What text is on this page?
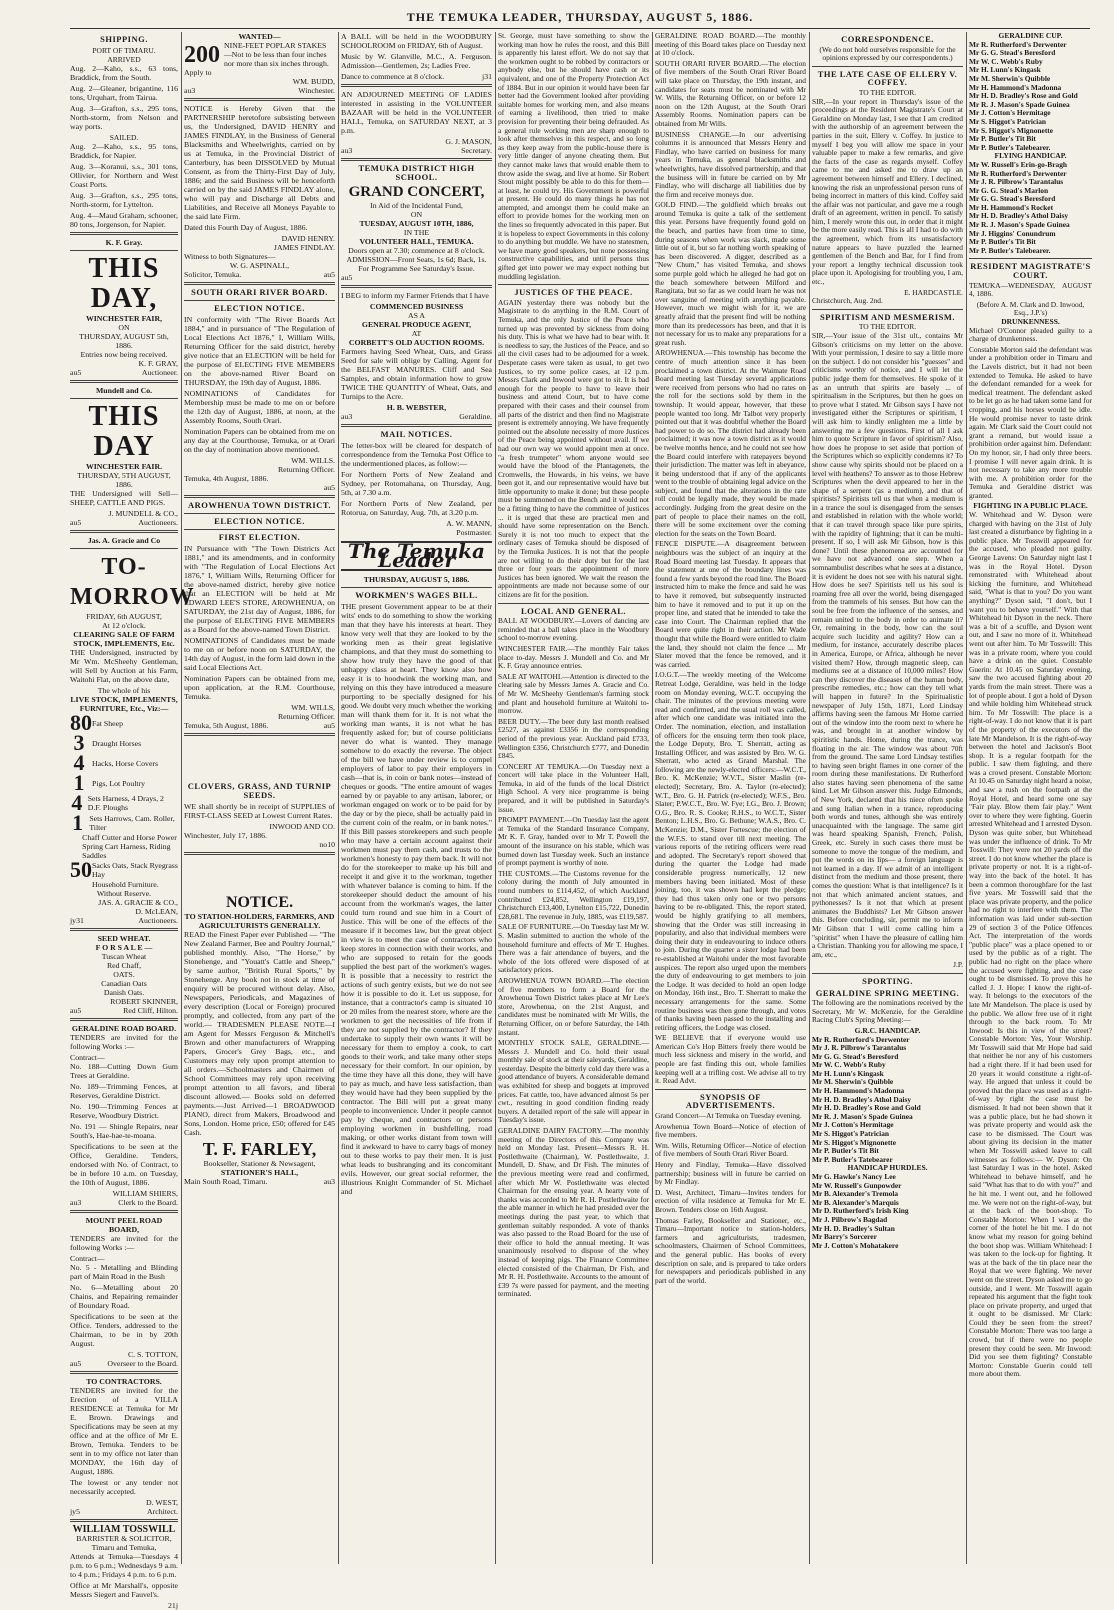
THE TEMUKA LEADER, THURSDAY, AUGUST 5, 1886.
SHIPPING.
PORT OF TIMARU.
ARRIVED
Aug. 2—Kaho, s.s., 63 tons, Braddick, from the South.
Aug. 2—Gleaner, brigantine, 116 tons, Urquhart, from Tairua.
Aug. 3—Grafton, s.s., 295 tons, North-storm, from Nelson and way ports.
SAILED.
Aug. 2—Kaho, s.s., 95 tons, Braddick, for Napier.
Aug. 3—Koranui, s.s., 301 tons, Ollivier, for Northern and West Coast Ports.
Aug. 3—Grafton, s.s., 295 tons, North-storm, for Lyttelton.
Aug. 4—Maud Graham, schooner, 80 tons, Jorgenson, for Napier.
K. F. Gray.
THIS DAY,
WINCHESTER FAIR,
ON
THURSDAY, AUGUST 5th, 1886.
Entries now being received.
K. F. GRAY,
au5	Auctioneer.
Mundell and Co.
THIS DAY
WINCHESTER FAIR.
THURSDAY, 5TH AUGUST, 1886.
THE Undersigned will Sell— SHEEP, CATTLE AND PIGS.
J. MUNDELL & CO.,
au5	Auctioneers.
Jas. A. Gracie and Co
TO-MORROW
FRIDAY, 6th AUGUST,
At 12 o'clock.
CLEARING SALE OF FARM STOCK, IMPLEMENTS, Etc.
THE Undersigned, instructed by Mr Wm. McSheehy Gentleman, will Sell by Auction at his Farm, Waitohi Flat, on the above date,
The whole of his
LIVE STOCK, IMPLEMENTS, FURNITURE, Etc., Viz:—
80 Fat Sheep
3 Draught Horses
4 Hacks, Horse Covers
1 Pigs, Lot Poultry
4 Sets Harness, 4 Drays, 2 D.F. Ploughs
1 Sets Harrows, Cam. Roller, Tilter
Chaff Cutter and Horse Power Spring Cart Harness, Riding Saddles
50 Sacks Oats, Stack Ryegrass Hay
Household Furniture.
Without Reserve.
JAS. A. GRACIE & CO.,
D. McLEAN,
jy31	Auctioneers.
SEED WHEAT.
F O R S A L E —
Tuscan Wheat
Red Chaff,
OATS.
Canadian Oats
Danish Oats.
ROBERT SKINNER,
au5	Red Cliff, Hilton.
GERALDINE ROAD BOARD.
TENDERS are invited for the following Works :—
Contract—
No. 188—Cutting Down Gum Trees at Geraldine.
No. 189—Trimming Fences, at Reserves, Geraldine District.
No. 190—Trimming Fences at Reserve, Woodbury District.
No. 191 — Shingle Repairs, near South's, Hae-hae-te-moana.
Specifications to be seen at the Office, Geraldine. Tenders, endorsed with No. of Contract, to be in before 10 a.m. on Tuesday, the 10th of August, 1886.
WILLIAM SHIERS,
au3	Clerk to the Board.
MOUNT PEEL ROAD BOARD,
TENDERS are invited for the following Works :—
Contract—
No. 5 - Metalling and Blinding part of Main Road in the Bush
No. 6—Metalling about 20 Chains, and Repairing remainder of Boundary Road.
Specifications to be seen at the Office. Tenders, addressed to the Chairman, to be in by 20th August.
C. S. TOTTON,
au5	Overseer to the Board.
TO CONTRACTORS.
TENDERS are invited for the Erection of a VILLA RESIDENCE at Temuka for Mr E. Brown. Drawings and Specifications may be seen at my office and at the office of Mr E. Brown, Temuka. Tenders to be sent in to my office not later than MONDAY, the 16th day of August, 1886.
The lowest or any tender not necessarily accepted.
D. WEST,
jy5	Architect.
WILLIAM TOSSWILL
BARRISTER & SOLICITOR,
Timaru and Temuka,
Attends at Temuka—Tuesdays 4 p.m. to 6 p.m.; Wednesdays 9 a.m. to 4 p.m.; Fridays 4 p.m. to 6 p.m.
Office at Mr Marshall's, opposite Messrs Siegert and Fauvel's.
21j
WANTED—
200 NINE-FEET POPLAR STAKES —Not to be less than four inches nor more than six inches through.
Apply to
WM. BUDD,
au3	Winchester.
NOTICE is Hereby Given that the PARTNERSHIP heretofore subsisting between us, the Undersigned, DAVID HENRY and JAMES FINDLAY, in the Business of General Blacksmiths and Wheelwrights, carried on by us at Temuka, in the Provincial District of Canterbury, has been DISSOLVED by Mutual Consent, as from the Thirty-First Day of July, 1886; and the said Business will be henceforth carried on by the said JAMES FINDLAY alone, who will pay and Discharge all Debts and Liabilities, and Receive all Moneys Payable to the said late Firm.
Dated this Fourth Day of August, 1886.
DAVID HENRY.
JAMES FINDLAY.
Witness to both Signatures—
W. G. ASPINALL,
Solicitor, Temuka.	au5
SOUTH ORARI RIVER BOARD.
ELECTION NOTICE.
IN conformity with "The River Boards Act 1884," and in pursuance of "The Regulation of Local Elections Act 1876," I, William Wills, Returning Officer for the said district, hereby give notice that an ELECTION will be held for the purpose of ELECTING FIVE MEMBERS on the above-named River Board on THURSDAY, the 19th day of August, 1886.
NOMINATIONS of Candidates for Membership must be made to me on or before the 12th day of August, 1886, at noon, at the Assembly Rooms, South Orari.
Nomination Papers can be obtained from me on any day at the Courthouse, Temuka, or at Orari on the day of nomination above mentioned.
WM. WILLS.
Returning Officer.
Temuka, 4th August, 1886.
au5
AROWHENUA TOWN DISTRICT.
ELECTION NOTICE.
FIRST ELECTION.
IN Pursuance with "The Town Districts Act 1881," and its amendments, and in conformity with "The Regulation of Local Elections Act 1876," I, William Wills, Returning Officer for the above-named district, hereby give notice that an ELECTION will be held at Mr EDWARD LEE'S STORE, AROWHENUA, on SATURDAY, the 21st day of August, 1886, for the purpose of ELECTING FIVE MEMBERS as a Board for the above-named Town District.
NOMINATIONS of Candidates must be made to me on or before noon on SATURDAY, the 14th day of August, in the form laid down in the said Local Elections Act.
Nomination Papers can be obtained from me, upon application, at the R.M. Courthouse, Temuka.
WM. WILLS,
Returning Officer.
Temuka, 5th August, 1886.	au5
CLOVERS, GRASS, AND TURNIP SEEDS.
WE shall shortly be in receipt of SUPPLIES of FIRST-CLASS SEED at Lowest Current Rates.
INWOOD AND CO.
Winchester, July 17, 1886.
no10
NOTICE.
TO STATION-HOLDERS, FARMERS, AND AGRICULTURISTS GENERALLY.
READ the Finest Paper ever Published — "The New Zealand Farmer, Bee and Poultry Journal," published monthly. Also, "The Horse," by Stonehenge, and "Youatt's Cattle and Sheep," by same author, "British Rural Sports," by Stonehenge. Any book not in stock at time of enquiry will be procured without delay. Also, Newspapers, Periodicals, and Magazines of every description (Local or Foreign) procured promptly, and collected, from any part of the world.— TRADESMEN PLEASE NOTE—I am Agent for Messrs Ferguson & Mitchell's Brown and other manufacturers of Wrapping Papers, Grocer's Grey Bags, etc., and Customers may rely upon prompt attention to all orders.—Schoolmasters and Chairmen of School Committees may rely upon receiving prompt attention to all favors, and liberal discount allowed.— Books sold on deferred payments.—Just Arrived—1 BROADWOOD PIANO, direct from Makers, Broadwood and Sons, London. Home price, £50; offered for £45 Cash.
T. F. FARLEY,
Bookseller, Stationer & Newsagent,
STATIONER'S HALL,
Main South Road, Timaru.	au3
A BALL will be held in the WOODBURY SCHOOLROOM on FRIDAY, 6th of August.
Music by W. Glanville, M.C., A. Ferguson. Admission—Gentlemen, 2s; Ladies Free.
Dance to commence at 8 o'clock.	j31
AN ADJOURNED MEETING OF LADIES interested in assisting in the VOLUNTEER BAZAAR will be held in the VOLUNTEER HALL, Temuka, on SATURDAY NEXT, at 3 p.m.
G. J. MASON,
au3	Secretary.
TEMUKA DISTRICT HIGH SCHOOL.
GRAND CONCERT,
In Aid of the Incidental Fund,
ON
TUESDAY, AUGUST 10TH, 1886,
IN THE
VOLUNTEER HALL, TEMUKA.
Doors open at 7.30; commence at 8 o'clock.
ADMISSION—Front Seats, 1s 6d; Back, 1s.
For Programme See Saturday's Issue.
au5
I BEG to inform my Farmer Friends that I have
COMMENCED BUSINESS
AS A
GENERAL PRODUCE AGENT,
AT
CORBETT'S OLD AUCTION ROOMS.
Farmers having Seed Wheat, Oats, and Grass Seed for sale will oblige by Calling. Agent for the BELFAST MANURES. Cliff and Sea Samples, and obtain information how to grow TWICE THE QUANTITY of Wheat, Oats, and Turnips to the Acre.
H. B. WEBSTER,
au3	Geraldine.
MAIL NOTICES.
The letter-box will be cleared for despatch of correspondence from the Temuka Post Office to the undermentioned places, as follow:—
For Northern Ports of New Zealand and Sydney, per Rotomahana, on Thursday, Aug. 5th, at 7.30 a.m.
For Northern Ports of New Zealand, per Rotorua, on Saturday, Aug. 7th, at 3.20 p.m.
A. W. MANN,
Postmaster.
The Temuka Leader
THURSDAY, AUGUST 5, 1886.
WORKMEN'S WAGES BILL.
THE present Government appear to be at their wits' ends to do something to show the working man that they have his interests at heart. They know very well that they are looked to by the working men as their great legislative champions, and that they must do something to show how truly they have the good of that unhappy class at heart. They know also how easy it is to hoodwink the working man, and relying on this they have introduced a measure purporting to be specially designed for his good. We doubt very much whether the working man will thank them for it. It is not what the working man wants, it is not what he has frequently asked for; but of course politicians never do what is wanted. They manage somehow to do exactly the reverse. The object of the bill we have under review is to compel employers of labor to pay their employers in cash—that is, in coin or bank notes—instead of cheques or goods. "The entire amount of wages earned by or payable to any artisan, laborer, or workman engaged on work or to be paid for by the day or by the piece, shall be actually paid in the current coin of the realm, or in bank notes." If this Bill passes storekeepers and such people who may have a certain account against their workmen must pay them cash, and trusts to the workmen's honesty to pay them back. It will not do for the storekeeper to make up his bill and receipt it and give it to the workman, together with whatever balance is coming to him. If the storekeeper should deduct the amount of his account from the workman's wages, the latter could turn round and sue him in a Court of Justice. This will be one of the effects of the measure if it becomes law, but the great object in view is to meet the case of contractors who keep stores in connection with their works, and who are supposed to retain for the goods supplied the best part of the workmen's wages. It is possible that a necessity to restrict the actions of such gentry exists, but we do not see how it is possible to do it. Let us suppose, for instance, that a contractor's camp is situated 10 or 20 miles from the nearest store, where are the workmen to get the necessities of life from if they are not supplied by the contractor? If they undertake to supply their own wants it will be necessary for them to employ a cook, to cart goods to their work, and take many other steps necessary for their comfort. In our opinion, by the time they have all this done, they will have to pay as much, and have less satisfaction, than they would have had they been supplied by the contractor. The Bill will put a great many people to inconvenience. Under it people cannot pay by cheque, and contractors or persons employing workmen in bushfelling, road making, or other works distant from town will find it awkward to have to carry bags of money out to these works to pay their men. It is just what leads to bushranging and its concomitant evils. However, our great social reformer, the illustrious Knight Commander of St. Michael and
St. George, must have something to show the working man how he rules the roost, and this Bill is apparently his latest effort. We do not say that the workmen ought to be robbed by contractors or anybody else, but he should have cash or its equivalent, and one of the Property Protection Act of 1884. But in our opinion it would have been far better had the Government looked after providing suitable homes for working men, and also means of earning a livelihood, then tried to make provision for preventing their being defrauded. As a general rule working men are sharp enough to look after themselves in this respect, and so long as they keep away from the public-house there is very little danger of anyone cheating them. But they cannot make laws that would enable them to throw aside the swag, and live at home. Sir Robert Stout might possibly be able to do this for them— at least, he could try. His Government is powerful at present. He could do many things he has not attempted, and amongst them he could make an effort to provide homes for the working men on the lines so frequently advocated in this paper. But it is hopeless to expect Governments in this colony to do anything but muddle. We have no statesmen, we have many good speakers, but none possessing constructive capabilities, and until persons thus gifted get into power we may expect nothing but muddling legislation.
JUSTICES OF THE PEACE.
AGAIN yesterday there was nobody but the Magistrate to do anything in the R.M. Court of Temuka, and the only Justice of the Peace who turned up was prevented by sickness from doing his duty. This is what we have had to bear with. It is needless to say, the Justices of the Peace, and so all the civil cases had to be adjourned for a week. Desperate cases were taken as usual, to get two Justices, to try some police cases, at 12 p.m. Messrs Clark and Inwood were got to sit. It is bad enough for the people to have to leave their business and attend Court, but to have come prepared with their cases and their counsel from all parts of the district and then find no Magistrate present is extremely annoying. We have frequently pointed out the absolute necessity of more Justices of the Peace being appointed without avail. If we had our own way we would appoint men at once. "a fresh trumpeter" whom anyone would see would have the blood of the Plantagenets, the Cromwells, the Howards, in his veins, we have been got it, and our representative would have but little opportunity to make it done; but these people must be summoned on the Bench and it would not be a fitting thing to have the committee of justices ... it is urged that these are practical men and should have some representation on the Bench. Surely it is not too much to expect that the ordinary cases of Temuka should be disposed of by the Temuka Justices. It is not that the people are not willing to do their duty but for the last three or four years the appointment of more Justices has been ignored. We wait the reason the appointments are made not because some of our citizens are fit for the position.
LOCAL AND GENERAL.
BALL AT WOODBURY.—Lovers of dancing are reminded that a ball takes place in the Woodbury school to-morrow evening.
WINCHESTER FAIR.—The monthly Fair takes place to-day. Messrs J. Mundell and Co. and Mr K. F. Gray announce entries.
SALE AT WAITOHI.—Attention is directed to the clearing sale by Messrs James A. Gracie and Co. of Mr W. McSheehy Gentleman's farming stock and plant and household furniture at Waitohi to-morrow.
BEER DUTY.—The beer duty last month realised £2527, as against £3356 in the corresponding period of the previous year. Auckland paid £733, Wellington £356, Christchurch £777, and Dunedin £845.
CONCERT AT TEMUKA.—On Tuesday next a concert will take place in the Volunteer Hall, Temuka, in aid of the funds of the local District High School. A very nice programme is being prepared, and it will be published in Saturday's issue.
PROMPT PAYMENT.—On Tuesday last the agent at Temuka of the Standard Insurance Company, Mr K. F. Gray, handed over to Mr T. Powell the amount of the insurance on his stable, which was burned down last Tuesday week. Such an instance of prompt payment is worthy of note.
THE CUSTOMS.—The Customs revenue for the colony during the month of July amounted in round numbers to £114,452, of which Auckland contributed £24,852, Wellington £19,197, Christchurch £13,400, Lyttelton £15,722, Dunedin £28,681. The revenue in July, 1885, was £119,587.
SALE OF FURNITURE.—On Tuesday last Mr W. S. Maslin submitted to auction the whole of the household furniture and effects of Mr T. Hughes. There was a fair attendance of buyers, and the whole of the lots offered were disposed of at satisfactory prices.
AROWHENUA TOWN BOARD.—The election of five members to form a Board for the Arowhenua Town District takes place at Mr Lee's store, Arowhenua, on the 21st August, and candidates must be nominated with Mr Wills, the Returning Officer, on or before Saturday, the 14th instant.
MONTHLY STOCK SALE, GERALDINE.—Messrs J. Mundell and Co. hold their usual monthly sale of stock at their saleyards, Geraldine, yesterday. Despite the bitterly cold day there was a good attendance of buyers. A considerable demand was exhibited for sheep and boggets at improved prices. Fat cattle, too, have advanced almost 5s per cwt., resulting in good condition finding ready buyers. A detailed report of the sale will appear in Tuesday's issue.
GERALDINE DAIRY FACTORY.—The monthly meeting of the Directors of this Company was held on Monday last. Present—Messrs R. H. Postlethwaite (Chairman), W. Postlethwaite, J. Mundell, D. Shaw, and Dr Fish. The minutes of the previous meeting were read and confirmed, after which Mr W. Postlethwaite was elected Chairman for the ensuing year. A hearty vote of thanks was accorded to Mr R. H. Postlethwaite for the able manner in which he had presided over the meetings during the past year, to which that gentleman suitably responded. A vote of thanks was also passed to the Road Board for the use of their office to hold the annual meeting. It was unanimously resolved to dispose of the whey instead of keeping pigs. The Finance Committee elected consisted of the Chairman, Dr Fish, and Mr R. H. Postlethwaite. Accounts to the amount of £39 7s were passed for payment, and the meeting terminated.
GERALDINE ROAD BOARD.—The monthly meeting of this Board takes place on Tuesday next at 10 o'clock.
SOUTH ORARI RIVER BOARD.—The election of five members of the South Orari River Board will take place on Thursday, the 19th instant, and candidates for seats must be nominated with Mr W. Wills, the Returning Officer, on or before 12 noon on the 12th August, at the South Orari Assembly Rooms. Nomination papers can be obtained from Mr Wills.
BUSINESS CHANGE.—In our advertising columns it is announced that Messrs Henry and Findlay, who have carried on business for many years in Temuka, as general blacksmiths and wheelwrights, have dissolved partnership, and that the business will in future be carried on by Mr Findlay, who will discharge all liabilities due by the firm and receive moneys due.
GOLD FIND.—The goldfield which breaks out around Temuka is quite a talk of the settlement this year. Persons have frequently found gold on the beach, and parties have from time to time, during seasons when work was slack, made some little out of it, but so far nothing worth speaking of has been discovered. A digger, described as a "New Chum," has visited Temuka, and shows some purple gold which he alleged he had got on the beach somewhere between Milford and Rangitata, but so far as we could learn he was not over sanguine of meeting with anything payable. However, much we might wish for it, we are greatly afraid that the present find will be nothing more than its predecessors has been, and that it is not necessary for us to make any preparations for a great rush.
AROWHENUA.—This township has become the centre of much attention since it has been proclaimed a town district. At the Waimate Road Board meeting last Tuesday several applications were received from persons who had no rates on the roll for the sections sold by them in the township. It would appear, however, that these people wanted too long. Mr Talbot very properly pointed out that it was doubtful whether the Board had power to do so. The district had already been proclaimed; it was now a town district as it would be twelve months hence, and he could not see how the Board could interfere with ratepayers beyond their jurisdiction. The matter was left in abeyance, it being understood that if any of the applicants went to the trouble of obtaining legal advice on the subject, and found that the alterations in the rate roll could be legally made, they would be made accordingly. Judging from the great desire on the part of people to place their names on the roll, there will be some excitement over the coming election for the seats on the Town Board.
FENCE DISPUTE.—A disagreement between neighbours was the subject of an inquiry at the Road Board meeting last Tuesday. It appears that the statement at one of the boundary lines was found a few yards beyond the road line. The Board instructed him to make the fence and said he was to have it removed, but subsequently instructed him to have it removed and to put it up on the proper line, and stated that he intended to take the case into Court. The Chairman replied that the Board were quite right in their action. Mr Wade thought that while the Board were entitled to claim the land, they should not claim the fence ... Mr Slater moved that the fence be removed, and it was carried.
I.O.G.T.—The weekly meeting of the Welcome Retreat Lodge, Geraldine, was held in the lodge room on Monday evening, W.C.T. occupying the chair. The minutes of the previous meeting were read and confirmed, and the usual roll was called, after which one candidate was initiated into the Order. The nomination, election, and installation of officers for the ensuing term then took place, the Lodge Deputy, Bro. T. Sherratt, acting as Installing Officer, and was assisted by Bro. W. G. Sherratt, who acted as Grand Marshal. The following are the newly-elected officers:—W.C.T., Bro. K. McKenzie; W.V.T., Sister Maslin (re-elected); Secretary, Bro. A. Taylor (re-elected); W.T., Bro. G. H. Patrick (re-elected); W.F.S., Bro. Slater; P.W.C.T., Bro. W. Fye; I.G., Bro. J. Brown; O.G., Bro. R. S. Cooke; R.H.S., to W.C.T., Sister Benton; L.H.S., Bro. G. Bethune; W.A.S., Bro. C. McKenzie; D.M., Sister Fortescue; the election of the W.F.S. to stand over till next meeting. The various reports of the retiring officers were read and adopted. The Secretary's report showed that during the quarter the Lodge had made considerable progress numerically, 12 new members having been initiated. Most of these joining, too, it was shown had kept the pledge; they had thus taken only one or two persons having to be re-obligated. This, the report stated, would be highly gratifying to all members, showing that the Order was still increasing in popularity, and also that individual members were doing their duty in endeavouring to induce others to join. During the quarter a sister lodge had been re-established at Waitohi under the most favorable auspices. The report also urged upon the members the duty of endeavouring to get members to join the Lodge. It was decided to hold an open lodge on Monday, 16th inst., Bro. T. Sherratt to make the necessary arrangements for the same. Some routine business was then gone through, and votes of thanks having been passed to the installing and retiring officers, the Lodge was closed.
WE BELIEVE that if everyone would use American Co's Hop Bitters freely there would be much less sickness and misery in the world, and people are fast finding this out, whole families keeping well at a trifling cost. We advise all to try it. Read Advt.
SYNOPSIS OF ADVERTISEMENTS.
Grand Concert—At Temuka on Tuesday evening.
Arowhenua Town Board—Notice of election of five members.
Wm. Wills, Returning Officer—Notice of election of five members of South Orari River Board.
Henry and Findlay, Temuka—Have dissolved partnership; business will in future be carried on by Mr Findlay.
D. West, Architect, Timaru—Invites tenders for erection of villa residence at Temuka for Mr E. Brown. Tenders close on 16th August.
Thomas Farley, Bookseller and Stationer, etc., Timaru—Important notice to station-holders, farmers and agriculturists, tradesmen, schoolmasters, Chairmen of School Committees, and the general public. Has books of every description on sale, and is prepared to take orders for newspapers and periodicals published in any part of the world.
CORRESPONDENCE.
(We do not hold ourselves responsible for the opinions expressed by our correspondents.)
THE LATE CASE OF ELLERY V. COFFEY.
TO THE EDITOR.
SIR,—In your report in Thursday's issue of the proceedings at the Resident Magistrate's Court at Geraldine on Monday last, I see that I am credited with the authorship of an agreement between the parties in the suit, Ellery v. Coffey. In justice to myself I beg you will allow me space in your valuable paper to make a few remarks, and give the facts of the case as regards myself. Coffey came to me and asked me to draw up an agreement between himself and Ellery. I declined, knowing the risk an unprofessional person runs of being incorrect in matters of this kind. Coffey said the affair was not particular, and gave me a rough draft of an agreement, written in pencil. To satisfy him, I merely wrote this out, in order that it might be the more easily read. This is all I had to do with the agreement, which from its unsatisfactory nature appears to have puzzled the learned gentlemen of the Bench and Bar, for I find from your report a lengthy technical discussion took place upon it. Apologising for troubling you, I am, etc.,
E. HARDCASTLE.
Christchurch, Aug. 2nd.
SPIRITISM AND MESMERISM.
TO THE EDITOR.
SIR,—Your issue of the 31st ult., contains Mr Gibson's criticisms on my letter on the above. With your permission, I desire to say a little more on the subject. I do not consider his "guesses" and criticisms worthy of notice, and I will let the public judge them for themselves. He spoke of it as an untruth that spirits are basely ... of spiritualism in the Scriptures, but then he goes on to prove what I stated. Mr Gibson says I have not investigated either the Scriptures or spiritism, I will ask him to kindly enlighten me a little by answering me a few questions. First of all I ask him to quote Scripture in favor of spiritism? Also, how does he propose to set aside that portion of the Scriptures which so explicitly condemns it? To show cause why spirits should not be placed on a level with heathens? To answer as to those Hebrew Scriptures when the devil appeared to her in the shape of a serpent (as a medium), and that of spiritists? Spiritists tell us that when a medium is in a trance the soul is disengaged from the senses and established in relation with the whole world; that it can travel through space like pure spirits, with the rapidity of lightning; that it can be multi-present. If so, I will ask Mr Gibson, how is this done? Until these phenomena are accounted for we have not advanced one step. When a somnambulist describes what he sees at a distance, it is evident he does not see with his natural sight. How does he see? Spiritists tell us his soul is roaming free all over the world, being disengaged from the trammels of his senses. But how can the soul be free from the influence of the senses, and remain united to the body in order to animate it? Or, remaining in the body, how can the soul acquire such lucidity and agility? How can a medium, for instance, accurately describe places in America, Europe, or Africa, although he never visited them? How, through magnetic sleep, can mediums see at a distance of 10,000 miles? How can they discover the diseases of the human body, prescribe remedies, etc.; how can they tell what will happen in future? In the Spiritualistic newspaper of July 15th, 1871, Lord Lindsay affirms having seen the famous Mr Home carried out of the window into the room next to where he was, and brought in at another window by spiritistic hands. Home, during the trance, was floating in the air. The window was about 70ft from the ground. The same Lord Lindsay testifies to having seen bright flames in one corner of the room during these manifestations. Dr Rutherford also states having seen phenomena of the same kind. Let Mr Gibson answer this. Judge Edmonds, of New York, declared that his niece often spoke and sung Italian when in a trance, reproducing both words and tunes, although she was entirely unacquainted with the language. The same girl was heard speaking Spanish, French, Polish, Greek, etc. Surely in such cases there must be someone to move the tongue of the medium, and put the words on its lips— a foreign language is not learned in a day. If we admit of an intelligent distinct from the medium and those present, there comes the question: What is that intelligence? Is it not that which animated ancient statues, and pythonesses? Is it not that which at present animates the Buddhists? Let Mr Gibson answer this. Before concluding, sir, permit me to inform Mr Gibson that I will come calling him a "spiritist" when I have the pleasure of calling him a Christian. Thanking you for allowing me space, I am, etc.,
J.P.
SPORTING.
GERALDINE SPRING MEETING.
The following are the nominations received by the Secretary, Mr W. McKenzie, for the Geraldine Racing Club's Spring Meeting:—
G.R.C. HANDICAP.
Mr R. Rutherford's Derwenter
Mr J. R. Pilbrow's Tarantalus
Mr G. G. Stead's Beresford
Mr W. C. Webb's Ruby
Mr H. Lunn's Kingask
Mr M. Sherwin's Quibble
Mr H. Hammond's Madonna
Mr H. D. Bradley's Athol Daisy
Mr H. D. Bradley's Rose and Gold
Mr R. J. Mason's Spade Guinea
Mr J. Cotton's Hermitage
Mr S. Higgot's Patrician
Mr S. Higgot's Mignonette
Mr P. Butler's Tit Bit
Mr P. Butler's Tatebearer
HANDICAP HURDLES.
Mr G. Hawke's Nancy Lee
Mr W. Russell's Gunpowder
Mr B. Alexander's Tremola
Mr B. Alexander's Marquis
Mr D. Rutherford's Irish King
Mr J. Pilbrow's Bagdad
Mr H. D. Bradley's Sultan
Mr Barry's Sorcerer
Mr J. Cotton's Mohatakere
GERALDINE CUP.
Mr R. Rutherford's Derwenter
Mr G. G. Stead's Beresford
Mr W. C. Webb's Ruby
Mr H. Lunn's Kingask
Mr M. Sherwin's Quibble
Mr H. Hammond's Madonna
Mr H. D. Bradley's Rose and Gold
Mr R. J. Mason's Spade Guinea
Mr J. Cotton's Hermitage
Mr S. Higgot's Patrician
Mr S. Higgot's Mignonette
Mr P. Butler's Tit Bit
Mr P. Butler's Talebearer.
FLYING HANDICAP.
Mr W. Russell's Erin-go-Bragh
Mr R. Rutherford's Derwenter
Mr J. R. Pilbrow's Tarantalus
Mr G. G. Stead's Marlon
Mr G. G. Stead's Beresford
Mr H. Hammond's Rocket
Mr H. D. Bradley's Athol Daisy
Mr R. J. Mason's Spade Guinea
Mr J. Higgins' Conundrum
Mr P. Butler's Tit Bit
Mr P. Butler's Talebearer.
RESIDENT MAGISTRATE'S COURT.
TEMUKA—WEDNESDAY, AUGUST 4, 1886.
(Before A. M. Clark and D. Inwood, Esq., J.P.'s)
DRUNKENNESS.
Michael O'Connor pleaded guilty to a charge of drunkenness.
Constable Morton said the defendant was under a prohibition order in Timaru and the Lavels district, but it had not been extended to Temuka. He asked to have the defendant remanded for a week for medical treatment. The defendant asked to be let go as he had taken some land for cropping, and his horses would be idle. He would promise never to taste drink again. Mr Clark said the Court could not grant a remand, but would issue a prohibition order against him. Defendant: On my honor, sir, I had only three beers. I promise I will never again drink. It is not necessary to take any more trouble with me. A prohibition order for the Temuka and Geraldine district was granted.
FIGHTING IN A PUBLIC PLACE.
W. Whitehead and W. Dyson were charged with having on the 31st of July last created a disturbance by fighting in a public place. Mr Tosswill appeared for the accused, who pleaded not guilty. George Lavens: On Saturday night last I was in the Royal Hotel. Dyson remonstrated with Whitehead about kicking the furniture, and Whitehead said, "What is that to you? Do you want anything?" Dyson said, "I don't, but I want you to behave yourself." With that Whitehead hit Dyson in the neck. There was a bit of a scuffle, and Dyson went out, and I saw no more of it. Whitehead went out after him. To Mr Tosswill: This was in a private room, where you could have a drink on the quiet. Constable Guerin: At 10.45 on Saturday evening, saw the two accused fighting about 20 yards from the main street. There was a lot of people about. I got a hold of Dyson and while holding him Whitehead struck him. To Mr Tosswill: The place is a right-of-way. I do not know that it is part of the property of the executors of the late Mr Mandelson. It is the right-of-way between the hotel and Jackson's Boot shop. It is a regular footpath for the public. I saw them fighting, and there was a crowd present. Constable Morton: At 10.45 on Saturday night heard a noise, and saw a rush on the footpath at the Royal Hotel, and heard some one say "Fair play. Blow them fair play." Went over to where they were fighting. Guerin arrested Whitehead and I arrested Dyson. Dyson was quite sober, but Whitehead was under the influence of drink. To Mr Tosswill: They were not 20 yards off the street. I do not know whether the place is private property or not. It is a right-of-way into the back of the hotel. It has been a common thoroughfare for the last five years. Mr Tosswill said that the place was private property, and the police had no right to interfere with them. The information was laid under sub-section 29 of section 3 of the Police Offences Act. The interpretation of the words "public place" was a place opened to or used by the public as of a right. The public had no right on the place where the accused were fighting, and the case ought to be dismissed. To prove this he called J. J. Hope: I know the right-of-way. It belongs to the executors of the late Mr Mandelson. The place is used by the public. We allow free use of it right through to the back room. To Mr Inwood: Is this in view of the street? Constable Morton: Yes, Your Worship. Mr Tosswill said that Mr Hope had said that neither he nor any of his customers had a right there. If it had been used for 20 years it would constitute a right-of-way. He argued that unless it could be proved that the place was used as a right-of-way by right the case must be dismissed. It had not been shown that it was a public place, but he had shown it was private property and would ask the case to be dismissed. The Court was about giving its decision in the matter when Mr Tosswill asked leave to call witnesses as follows:— W. Dyson: On last Saturday I was in the hotel. Asked Whitehead to behave himself, and he said "What has that to do with you?" and he hit me. I went out, and he followed me. We were not on the right-of-way, but at the back of the boot-shop. To Constable Morton: When I was at the corner of the hotel he hit me. I do not know what my reason for going behind the boot shop was. William Whitehead: I was taken to the lock-up for fighting. It was at the back of the tin place near the Royal that we were fighting. We never went on the street. Dyson asked me to go outside, and I went. Mr Tosswill again repeated his argument that the fight took place on private property, and urged that it ought to be dismissed. Mr Clark: Could they be seen from the street? Constable Morton: There was too large a crowd, but if there were no people present they could be seen. Mr Inwood: Did you see them fighting? Constable Morton: Constable Guerin could tell more about them.
